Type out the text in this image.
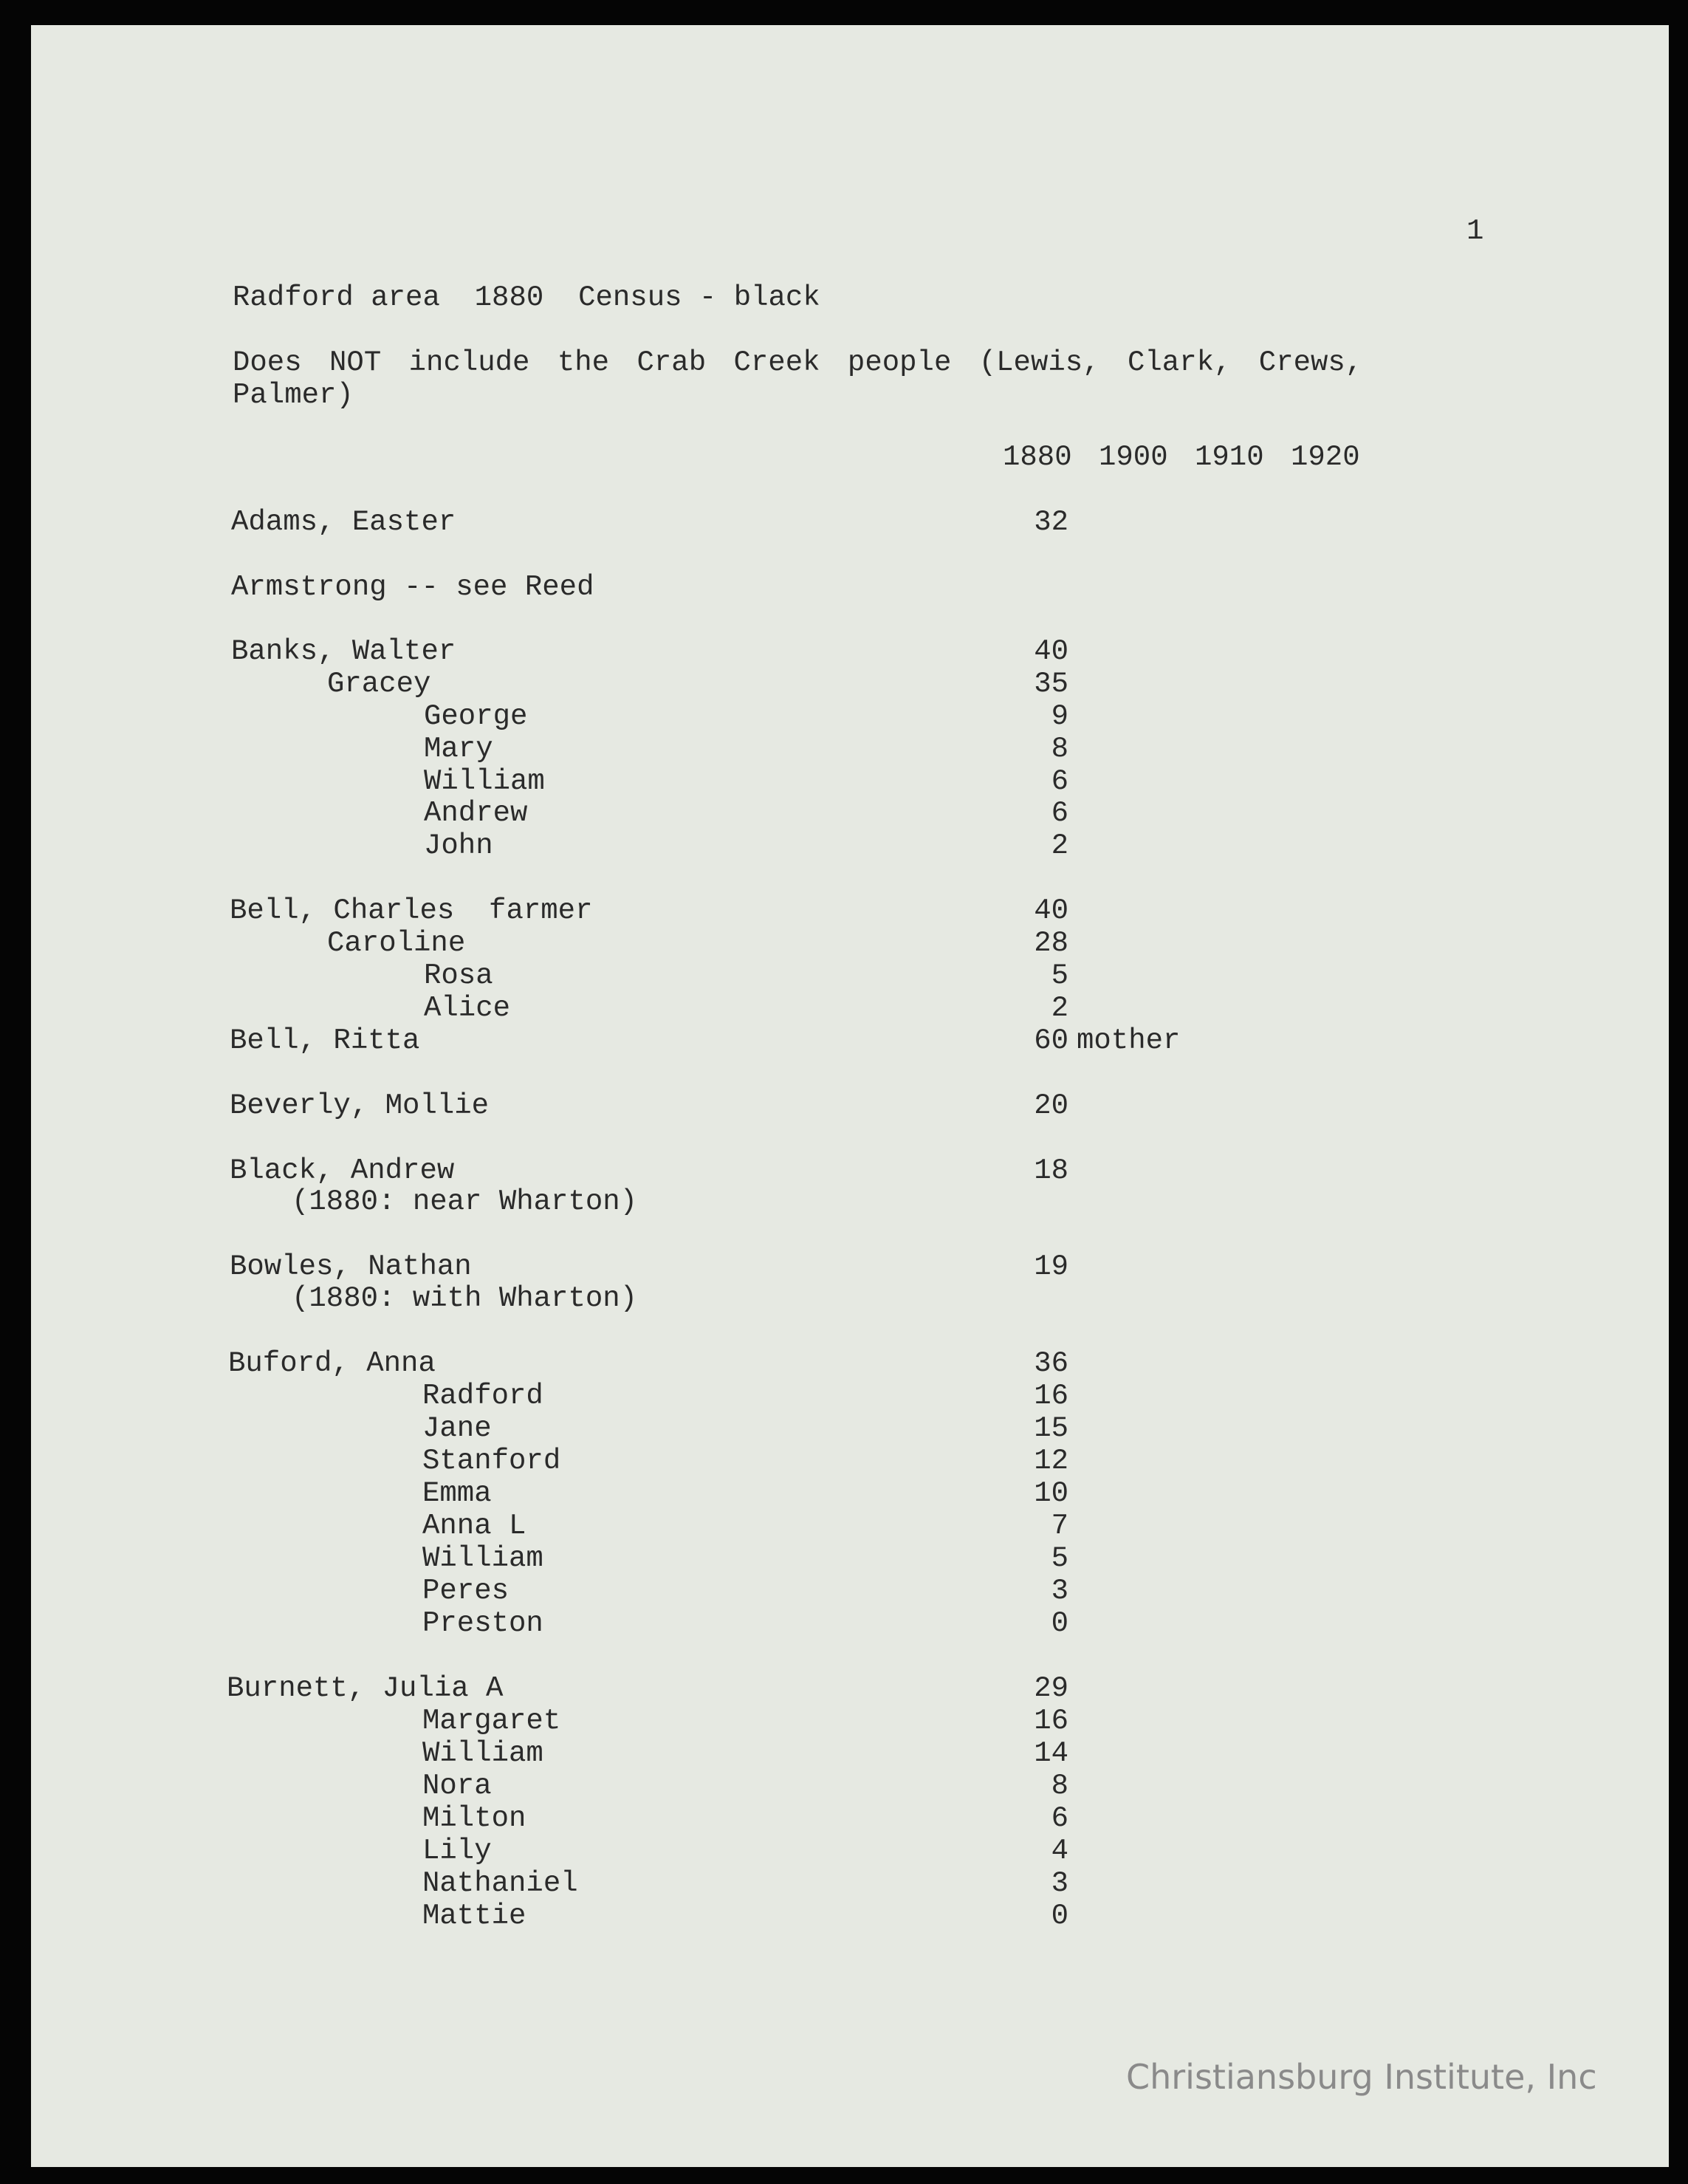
1
Radford area  1880  Census - black
Does NOT include the Crab Creek people (Lewis, Clark, Crews,
Palmer)
1880 1900 1910 1920
Adams, Easter	32
Armstrong -- see Reed
Banks, Walter	40
Gracey	35
George	9
Mary	8
William	6
Andrew	6
John	2
Bell, Charles  farmer	40
Caroline	28
Rosa	5
Alice	2
Bell, Ritta	60 mother
Beverly, Mollie	20
Black, Andrew	18
(1880: near Wharton)
Bowles, Nathan	19
(1880: with Wharton)
Buford, Anna	36
Radford	16
Jane	15
Stanford	12
Emma	10
Anna L	7
William	5
Peres	3
Preston	0
Burnett, Julia A	29
Margaret	16
William	14
Nora	8
Milton	6
Lily	4
Nathaniel	3
Mattie	0
Christiansburg Institute, Inc
